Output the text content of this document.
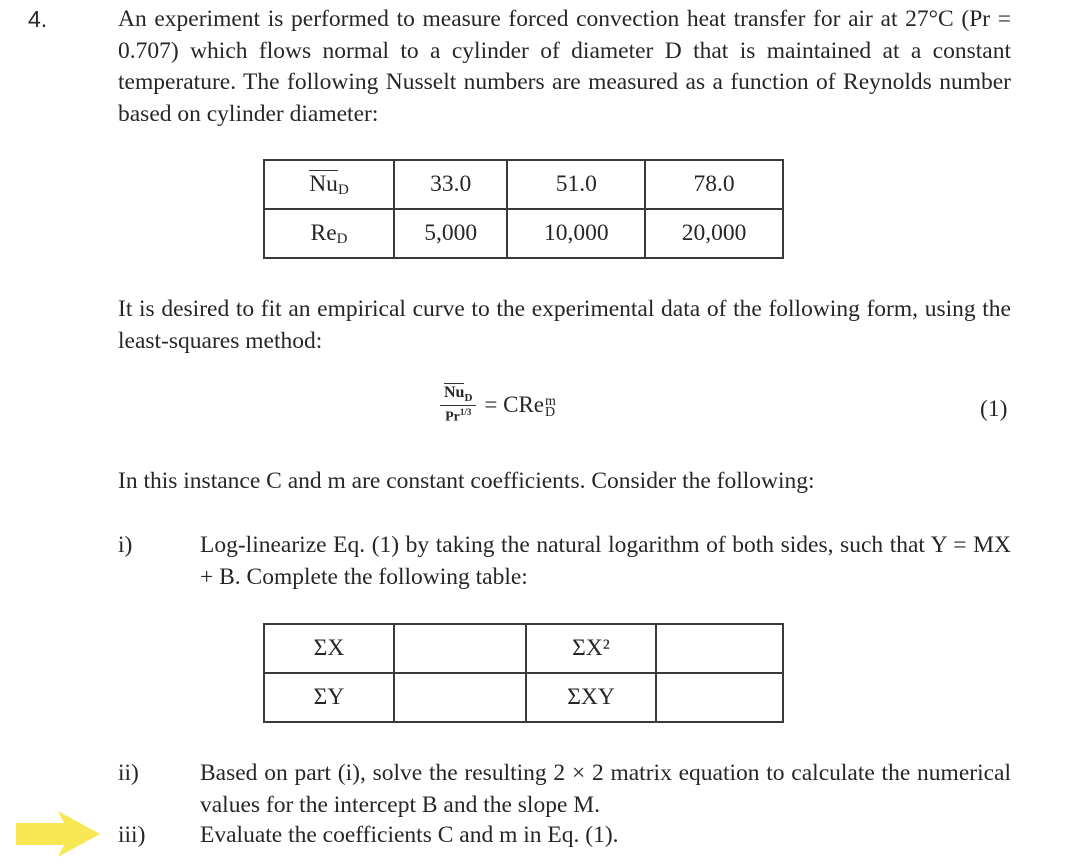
4.	An experiment is performed to measure forced convection heat transfer for air at 27°C (Pr = 0.707) which flows normal to a cylinder of diameter D that is maintained at a constant temperature. The following Nusselt numbers are measured as a function of Reynolds number based on cylinder diameter:
$Nu_D$	33.0	51.0	78.0
$Re_D$	5,000	10,000	20,000
It is desired to fit an empirical curve to the experimental data of the following form, using the least-squares method:
$\frac{Nu_D}{Pr^{1/3}}$ = CRe m
D	(1)
In this instance C and m are constant coefficients. Consider the following:
i)	Log-linearize Eq. (1) by taking the natural logarithm of both sides, such that Y = MX + B. Complete the following table:
ΣX		ΣX²	
ΣY		ΣXY	
ii)	Based on part (i), solve the resulting 2 × 2 matrix equation to calculate the numerical values for the intercept B and the slope M.
iii) Evaluate the coefficients C and m in Eq. (1).
